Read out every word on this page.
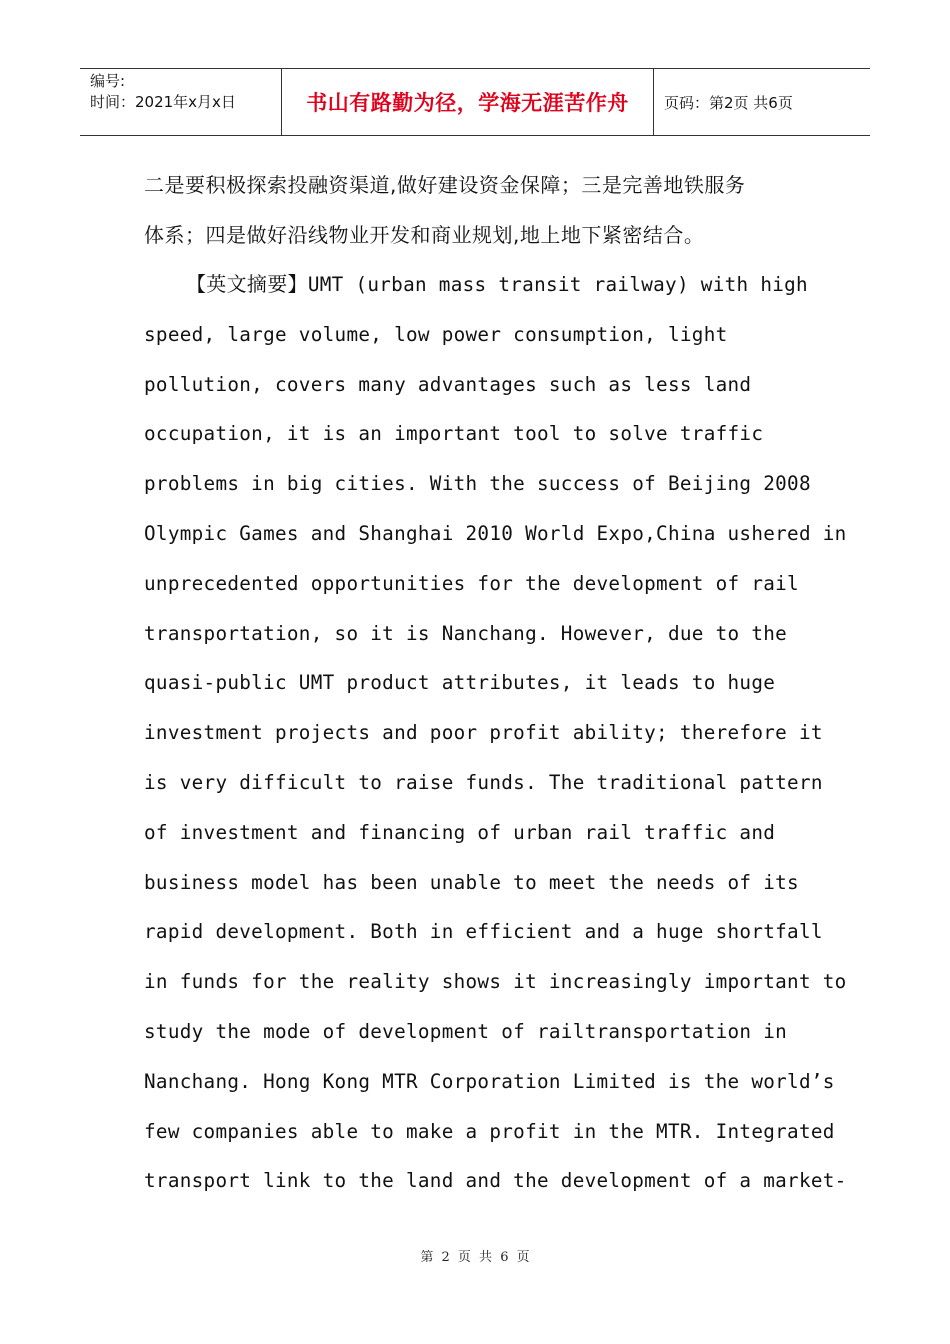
编号:
时间：2021年x月x日	书山有路勤为径，学海无涯苦作舟	页码：第2页 共6页
二是要积极探索投融资渠道,做好建设资金保障；三是完善地铁服务
体系；四是做好沿线物业开发和商业规划,地上地下紧密结合。
【英文摘要】UMT (urban mass transit railway) with high
speed, large volume, low power consumption, light
pollution, covers many advantages such as less land
occupation, it is an important tool to solve traffic
problems in big cities. With the success of Beijing 2008
Olympic Games and Shanghai 2010 World Expo,China ushered in
unprecedented opportunities for the development of rail
transportation, so it is Nanchang. However, due to the
quasi-public UMT product attributes, it leads to huge
investment projects and poor profit ability; therefore it
is very difficult to raise funds. The traditional pattern
of investment and financing of urban rail traffic and
business model has been unable to meet the needs of its
rapid development. Both in efficient and a huge shortfall
in funds for the reality shows it increasingly important to
study the mode of development of railtransportation in
Nanchang. Hong Kong MTR Corporation Limited is the world’s
few companies able to make a profit in the MTR. Integrated
transport link to the land and the development of a market-
第 2 页 共 6 页
